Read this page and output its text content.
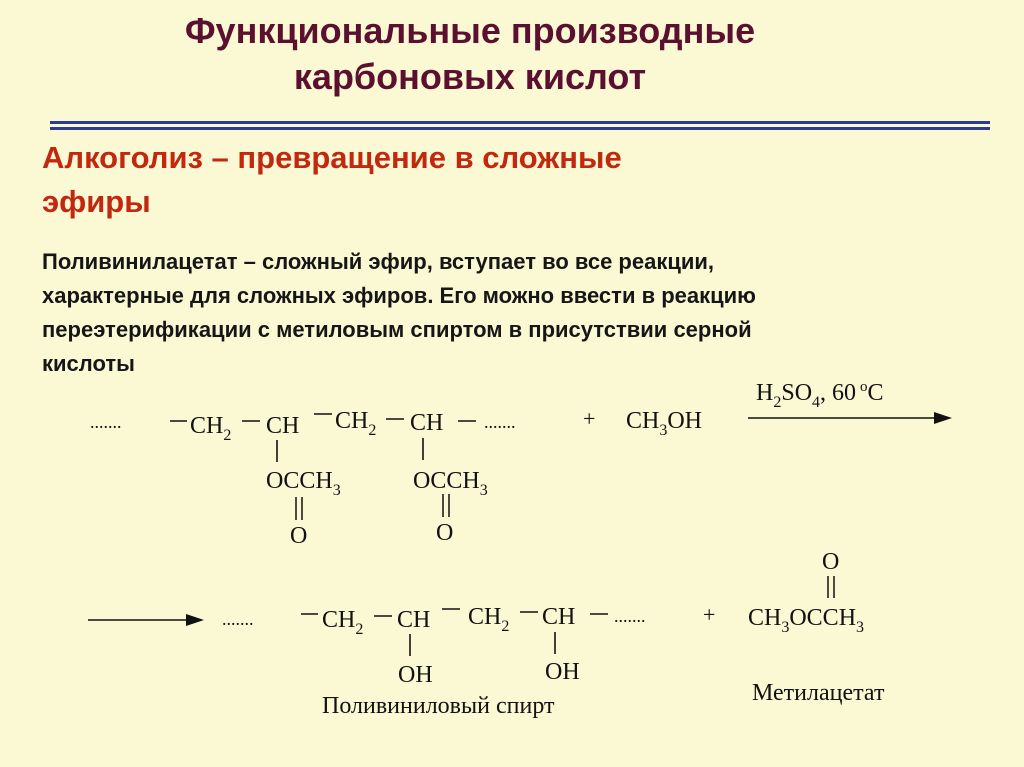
Функциональные производные
карбоновых кислот
Алкоголиз – превращение в сложные
эфиры
Поливинилацетат – сложный эфир, вступает во все реакции,
характерные для сложных эфиров. Его можно ввести в реакцию
переэтерификации с метиловым спиртом в присутствии серной
кислоты
.......	$CH_2$ CH $CH_2$ CH .......
$OCCH_3$
O
$OCCH_3$
O
+ $CH_3OH$
$H_2SO_4$, 60 $^o$C
.......	$CH_2$ CH $CH_2$ CH .......
OH	OH
Поливиниловый спирт
+
O
$CH_3OCCH_3$
Метилацетат
